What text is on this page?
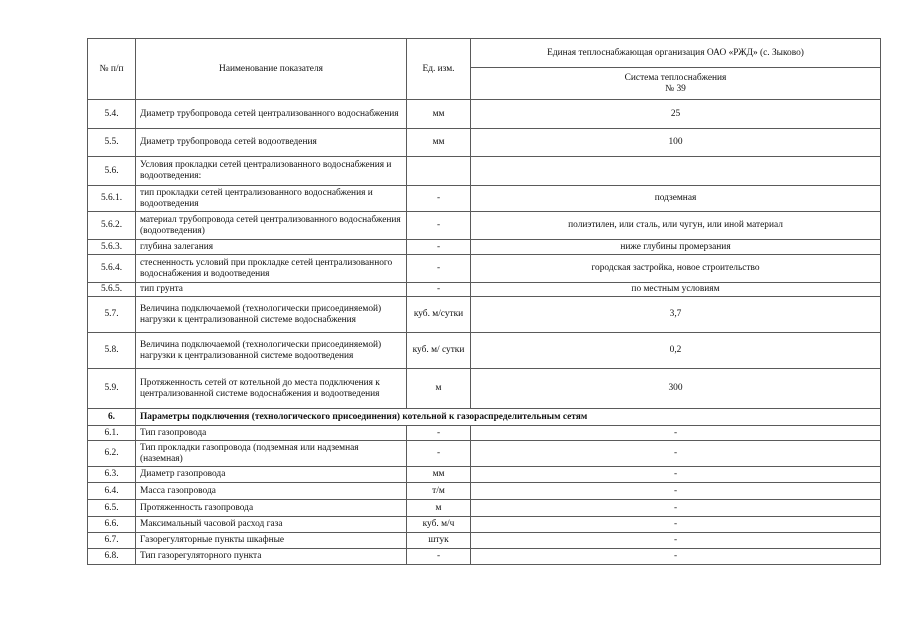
№ п/п	Наименование показателя	Ед. изм.	Единая теплоснабжающая организация ОАО «РЖД» (с. Зыково)

			Система теплоснабжения
№ 39

5.4.	Диаметр трубопровода сетей централизованного водоснабжения	мм	25
5.5.	Диаметр трубопровода сетей водоотведения	мм	100
5.6.	Условия прокладки сетей централизованного водоснабжения и водоотведения:		
5.6.1.	тип прокладки сетей централизованного водоснабжения и водоотведения	-	подземная
5.6.2.	материал трубопровода сетей централизованного водоснабжения (водоотведения)	-	полиэтилен, или сталь, или чугун, или иной материал
5.6.3.	глубина залегания	-	ниже глубины промерзания
5.6.4.	стесненность условий при прокладке сетей централизованного водоснабжения и водоотведения	-	городская застройка, новое строительство
5.6.5.	тип грунта	-	по местным условиям
5.7.	Величина подключаемой (технологически присоединяемой) нагрузки к централизованной системе водоснабжения	куб. м/сутки	3,7
5.8.	Величина подключаемой (технологически присоединяемой) нагрузки к централизованной системе водоотведения	куб. м/ сутки	0,2
5.9.	Протяженность сетей от котельной до места подключения к централизованной системе водоснабжения и водоотведения	м	300
6.	Параметры подключения (технологического присоединения) котельной к газораспределительным сетям		
6.1.	Тип газопровода	-	-
6.2.	Тип прокладки газопровода (подземная или надземная (наземная)	-	-
6.3.	Диаметр газопровода	мм	-
6.4.	Масса газопровода	т/м	-
6.5.	Протяженность газопровода	м	-
6.6.	Максимальный часовой расход газа	куб. м/ч	-
6.7.	Газорегуляторные пункты шкафные	штук	-
6.8.	Тип газорегуляторного пункта	-	-
